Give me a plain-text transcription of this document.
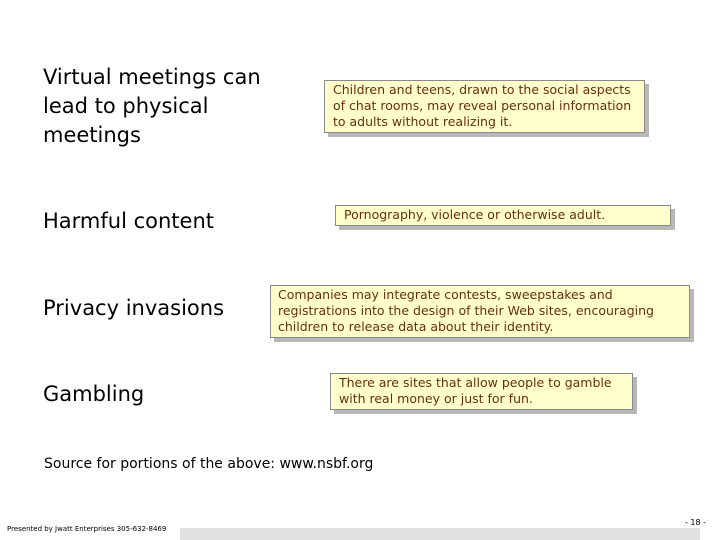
Virtual meetings can
lead to physical
meetings
Children and teens, drawn to the social aspects
of chat rooms, may reveal personal information
to adults without realizing it.
Harmful content	Pornography, violence or otherwise adult.
Privacy invasions
Companies may integrate contests, sweepstakes and
registrations into the design of their Web sites, encouraging
children to release data about their identity.
Gambling	There are sites that allow people to gamble
with real money or just for fun.
Source for portions of the above: www.nsbf.org
Presented by Jwatt Enterprises 305-632-8469
- 18 -
